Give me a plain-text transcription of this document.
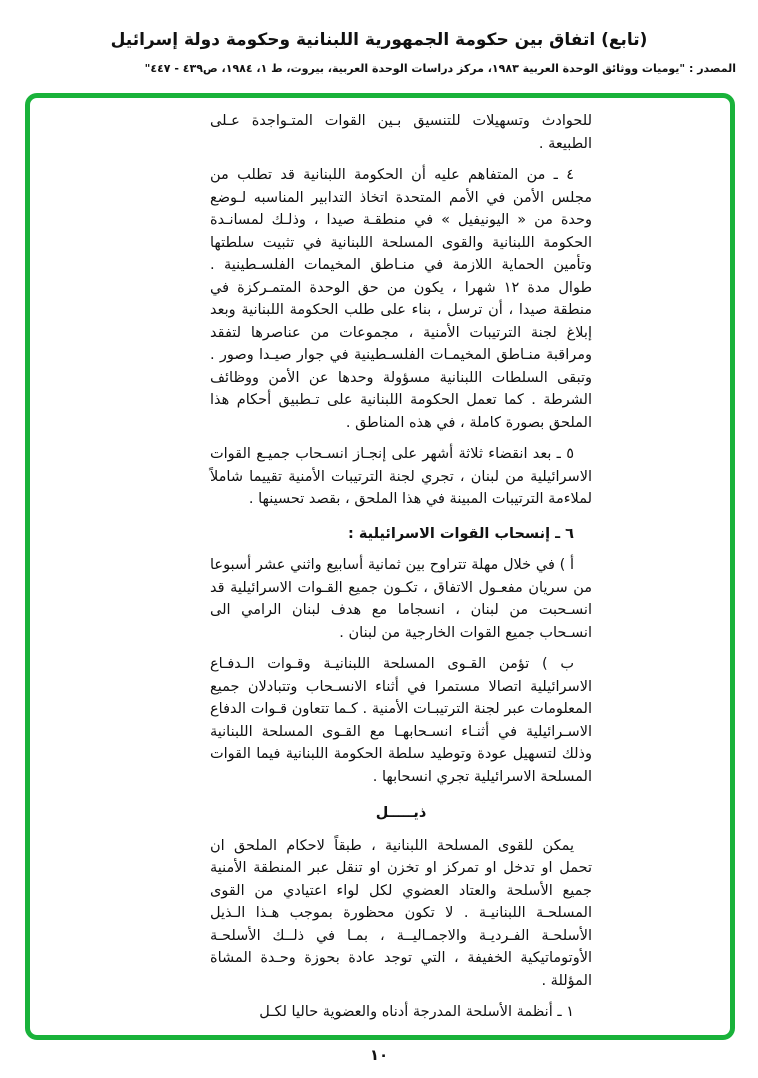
(تابع) اتفاق بين حكومة الجمهورية اللبنانية وحكومة دولة إسرائيل
المصدر : "يوميات ووثائق الوحدة العربية ١٩٨٣، مركز دراسات الوحدة العربية، بيروت، ط ١، ١٩٨٤، ص٤٣٩ - ٤٤٧"
للحوادث وتسهيلات للتنسيق بـين القوات المتـواجدة عـلى الطبيعة .
٤ ـ من المتفاهم عليه أن الحكومة اللبنانية قد تطلب من مجلس الأمن في الأمم المتحدة اتخاذ التدابير المناسبه لـوضع وحدة من « اليونيفيل » في منطقـة صيدا ، وذلـك لمسانـدة الحكومة اللبنانية والقوى المسلحة اللبنانية في تثبيت سلطتها وتأمين الحماية اللازمة في منـاطق المخيمات الفلسـطينية . طوال مدة ١٢ شهرا ، يكون من حق الوحدة المتمـركزة في منطقة صيدا ، أن ترسل ، بناء على طلب الحكومة اللبنانية وبعد إبلاغ لجنة الترتيبات الأمنية ، مجموعات من عناصرها لتفقد ومراقبة منـاطق المخيمـات الفلسـطينية في جوار صيـدا وصور . وتبقى السلطات اللبنانية مسؤولة وحدها عن الأمن ووظائف الشرطة . كما تعمل الحكومة اللبنانية على تـطبيق أحكام هذا الملحق بصورة كاملة ، في هذه المناطق .
٥ ـ بعد انقضاء ثلاثة أشهر على إنجـاز انسـحاب جميـع القوات الاسرائيلية من لبنان ، تجري لجنة الترتيبات الأمنية تقييما شاملاً لملاءمة الترتيبات المبينة في هذا الملحق ، بقصد تحسينها .
٦ ـ إنسحاب القوات الاسرائيلية :
أ ) في خلال مهلة تتراوح بين ثمانية أسابيع واثني عشر أسبوعا من سريان مفعـول الاتفاق ، تكـون جميع القـوات الاسرائيلية قد انسـحبت من لبنان ، انسجاما مع هدف لبنان الرامي الى انسـحاب جميع القوات الخارجية من لبنان .
ب ) تؤمن القـوى المسلحة اللبنانيـة وقـوات الـدفـاع الاسرائيلية اتصالا مستمرا في أثناء الانسـحاب وتتبادلان جميع المعلومات عبر لجنة الترتيبـات الأمنية . كـما تتعاون قـوات الدفاع الاسـرائيلية في أثنـاء انسـحابهـا مع القـوى المسلحة اللبنانية وذلك لتسهيل عودة وتوطيد سلطة الحكومة اللبنانية فيما القوات المسلحة الاسرائيلية تجري انسحابها .
ذيـــــل
يمكن للقوى المسلحة اللبنانية ، طبقاً لاحكام الملحق ان تحمل او تدخل او تمركز او تخزن او تنقل عبر المنطقة الأمنية جميع الأسلحة والعتاد العضوي لكل لواء اعتيادي من القوى المسلحـة اللبنانيـة . لا تكون محظورة بموجب هـذا الـذيل الأسلحـة الفـرديـة والاجمـاليــة ، بمـا في ذلــك الأسلحـة الأوتوماتيكية الخفيفة ، التي توجد عادة بحوزة وحـدة المشاة المؤللة .
١ ـ أنظمة الأسلحة المدرجة أدناه والعضوية حاليا لكـل
١٠
